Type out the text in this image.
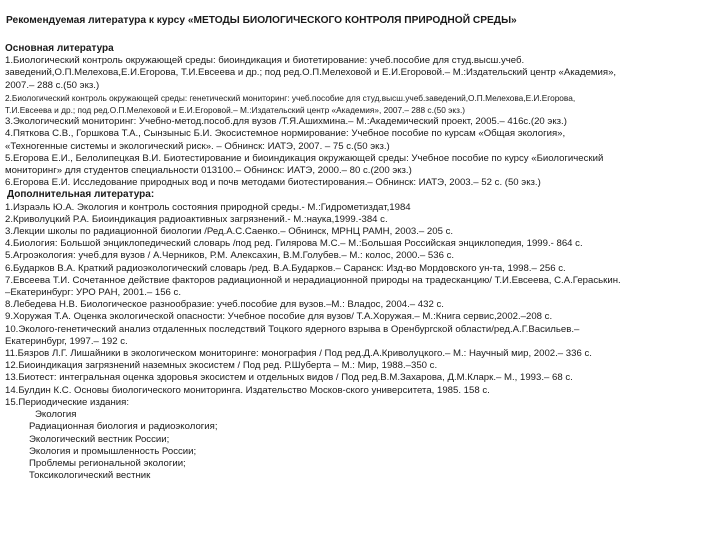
Рекомендуемая литература к курсу «МЕТОДЫ БИОЛОГИЧЕСКОГО КОНТРОЛЯ ПРИРОДНОЙ СРЕДЫ»
Основная литература
1.Биологический контроль окружающей среды: биоиндикация и биотетирование: учеб.пособие для студ.высш.учеб.
заведений,О.П.Мелехова,Е.И.Егорова, Т.И.Евсеева и др.; под ред.О.П.Мелеховой и Е.И.Егоровой.– М.:Издательский центр «Академия»,
2007.– 288 с.(50 экз.)
2.Биологический контроль окружающей среды: генетический мониторинг: учеб.пособие для студ.высш.учеб.заведений,О.П.Мелехова,Е.И.Егорова,
Т.И.Евсеева и др.; под ред.О.П.Мелеховой и Е.И.Егоровой.– М.:Издательский центр «Академия», 2007.– 288 с.(50 экз.)
3.Экологический мониторинг: Учебно-метод.пособ.для вузов /Т.Я.Ашихмина.– М.:Академический проект, 2005.– 416с.(20 экз.)
4.Пяткова С.В., Горшкова Т.А., Сынзыныс Б.И. Экосистемное нормирование: Учебное пособие по курсам «Общая экология»,
«Техногенные системы и экологический риск». – Обнинск: ИАТЭ, 2007. – 75 с.(50 экз.)
5.Егорова Е.И., Белолипецкая В.И. Биотестирование и биоиндикация окружающей среды: Учебное пособие по курсу «Биологический
мониторинг» для студентов специальности 013100.– Обнинск: ИАТЭ, 2000.– 80 с.(200 экз.)
6.Егорова Е.И. Исследование природных вод и почв методами биотестирования.– Обнинск: ИАТЭ, 2003.– 52 с. (50 экз.)
Дополнительная литература:
1.Израэль Ю.А. Экология и контроль состояния природной среды.- М.:Гидрометиздат,1984
2.Криволуцкий Р.А. Биоиндикация радиоактивных загрязнений.- М.:наука,1999.-384 с.
3.Лекции школы по радиационной биологии /Ред.А.С.Саенко.– Обнинск, МРНЦ РАМН, 2003.– 205 с.
4.Биология: Большой энциклопедический словарь /под ред. Гилярова М.С.– М.:Большая Российская энциклопедия, 1999.- 864 с.
5.Агроэкология: учеб.для вузов / А.Черников, Р.М. Алексахин, В.М.Голубев.– М.: колос, 2000.– 536 с.
6.Бударков В.А. Краткий радиоэкологический словарь /ред. В.А.Бударков.– Саранск: Изд-во Мордовского ун-та, 1998.– 256 с.
7.Евсеева Т.И. Сочетанное действие факторов радиационной и нерадиационной природы на традесканцию/ Т.И.Евсеева, С.А.Гераськин.
–Екатеринбург: УРО РАН, 2001.– 156 с.
8.Лебедева Н.В. Биологическое разнообразие: учеб.пособие для вузов.–М.: Владос, 2004.– 432 с.
9.Хоружая Т.А. Оценка экологической опасности: Учебное пособие для вузов/ Т.А.Хоружая.– М.:Книга сервис,2002.–208 с.
10.Эколого-генетический анализ отдаленных последствий Тоцкого ядерного взрыва в Оренбургской области/ред.А.Г.Васильев.–
Екатеринбург, 1997.– 192 с.
11.Бязров Л.Г. Лишайники в экологическом мониторинге: монография / Под ред.Д.А.Криволуцкого.– М.: Научный мир, 2002.– 336 с.
12.Биоиндикация загрязнений наземных экосистем / Под ред. Р.Шуберта – М.: Мир, 1988.–350 с.
13.Биотест: интегральная оценка здоровья экосистем и отдельных видов / Под ред.В.М.Захарова, Д.М.Кларк.– М., 1993.– 68 с.
14.Булдин К.С. Основы биологического мониторинга. Издательство Москов-ского университета, 1985. 158 с.
15.Периодические издания:
Экология
Радиационная биология и радиоэкология;
Экологический вестник России;
Экология и промышленность России;
Проблемы региональной экологии;
Токсикологический вестник
